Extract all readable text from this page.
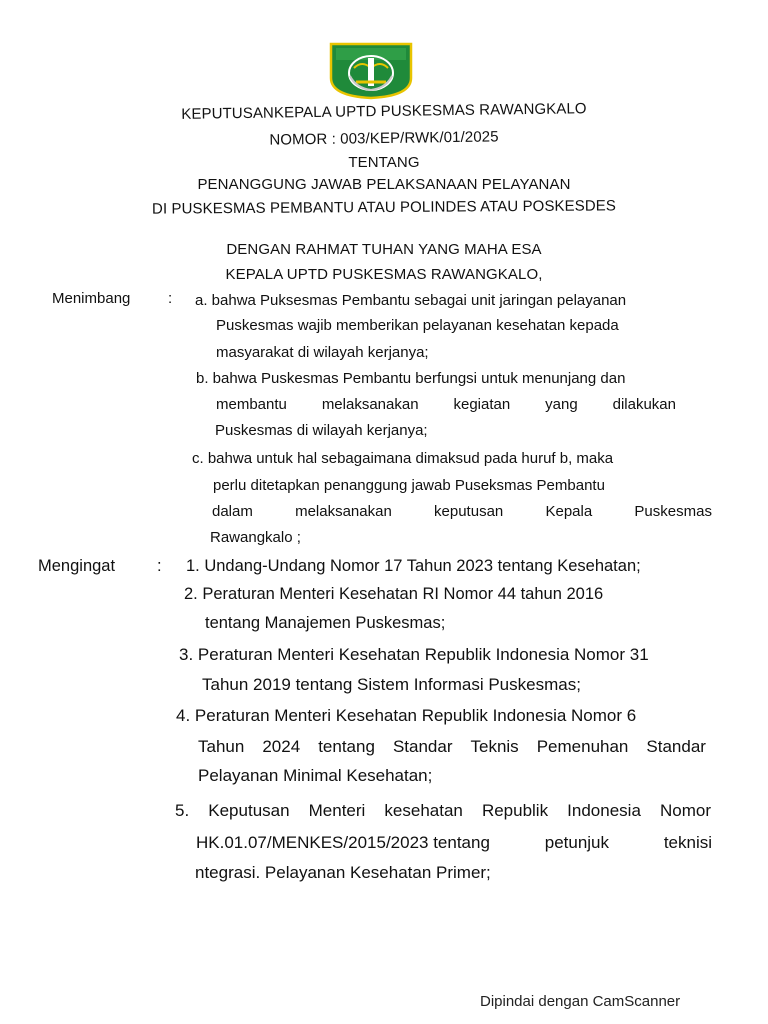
KEPUTUSANKEPALA UPTD PUSKESMAS RAWANGKALO
NOMOR : 003/KEP/RWK/01/2025
TENTANG
PENANGGUNG JAWAB PELAKSANAAN PELAYANAN
DI PUSKESMAS PEMBANTU ATAU POLINDES ATAU POSKESDES
DENGAN RAHMAT TUHAN YANG MAHA ESA
KEPALA UPTD PUSKESMAS RAWANGKALO,
Menimbang	: a. bahwa Puksesmas Pembantu sebagai unit jaringan pelayanan
Puskesmas wajib memberikan pelayanan kesehatan kepada
masyarakat di wilayah kerjanya;
b. bahwa Puskesmas Pembantu berfungsi untuk menunjang dan
membantu melaksanakan kegiatan yang dilakukan
Puskesmas di wilayah kerjanya;
c. bahwa untuk hal sebagaimana dimaksud pada huruf b, maka
perlu ditetapkan penanggung jawab Puseksmas Pembantu
dalam	melaksanakan	keputusan	Kepala	Puskesmas
Rawangkalo ;
Mengingat	: 1. Undang-Undang Nomor 17 Tahun 2023 tentang Kesehatan;
2. Peraturan Menteri Kesehatan RI Nomor 44 tahun 2016
tentang Manajemen Puskesmas;
3. Peraturan Menteri Kesehatan Republik Indonesia Nomor 31
Tahun 2019 tentang Sistem Informasi Puskesmas;
4. Peraturan Menteri Kesehatan Republik Indonesia Nomor 6
Tahun 2024 tentang Standar Teknis Pemenuhan Standar
Pelayanan Minimal Kesehatan;
5. Keputusan Menteri kesehatan Republik Indonesia Nomor
HK.01.07/MENKES/2015/2023 tentang	petunjuk	teknisi
ntegrasi. Pelayanan Kesehatan Primer;
Dipindai dengan CamScanner
